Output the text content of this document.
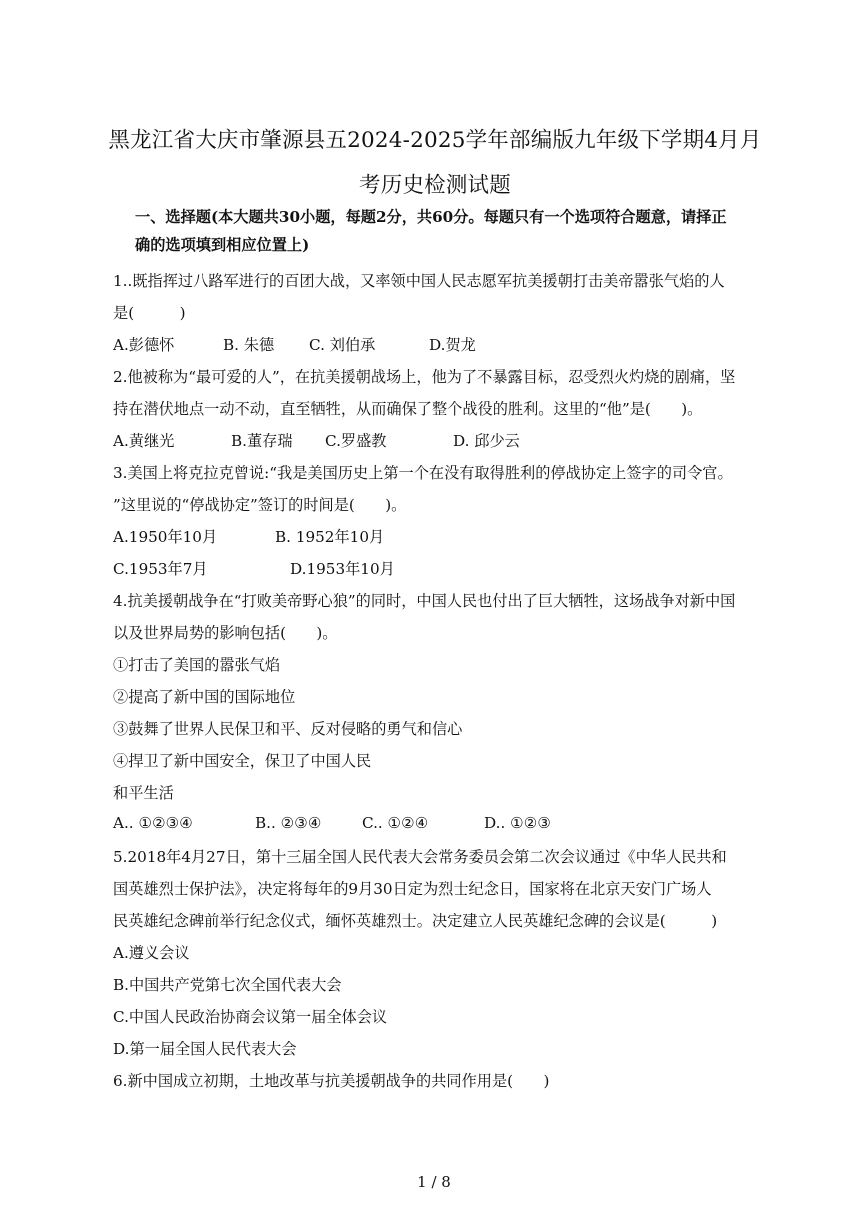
黑龙江省大庆市肇源县五2024-2025学年部编版九年级下学期4月月
考历史检测试题
一、选择题(本大题共30小题，每题2分，共60分。每题只有一个选项符合题意，请择正
确的选项填到相应位置上)
1..既指挥过八路军进行的百团大战，又率领中国人民志愿军抗美援朝打击美帝嚣张气焰的人
是(　　　)
A.彭德怀	B. 朱德 C. 刘伯承	D.贺龙
2.他被称为“最可爱的人”，在抗美援朝战场上，他为了不暴露目标，忍受烈火灼烧的剧痛，坚
持在潜伏地点一动不动，直至牺牲，从而确保了整个战役的胜利。这里的“他”是(　　)。
A.黄继光	B.董存瑞 C.罗盛教	D. 邱少云
3.美国上将克拉克曾说:“我是美国历史上第一个在没有取得胜利的停战协定上签字的司令官。
”这里说的“停战协定”签订的时间是(　　)。
A.1950年10月	B. 1952年10月
C.1953年7月	D.1953年10月
4.抗美援朝战争在“打败美帝野心狼”的同时，中国人民也付出了巨大牺牲，这场战争对新中国
以及世界局势的影响包括(　　)。
①打击了美国的嚣张气焰
②提高了新中国的国际地位
③鼓舞了世界人民保卫和平、反对侵略的勇气和信心
④捍卫了新中国安全，保卫了中国人民
和平生活
A.. ①②③④	B.. ②③④	C.. ①②④	D.. ①②③
5.2018年4月27日，第十三届全国人民代表大会常务委员会第二次会议通过《中华人民共和
国英雄烈士保护法》，决定将每年的9月30日定为烈士纪念日，国家将在北京天安门广场人
民英雄纪念碑前举行纪念仪式，缅怀英雄烈士。决定建立人民英雄纪念碑的会议是(　　　)
A.遵义会议
B.中国共产党第七次全国代表大会
C.中国人民政治协商会议第一届全体会议
D.第一届全国人民代表大会
6.新中国成立初期，土地改革与抗美援朝战争的共同作用是(　　)
1 / 8
